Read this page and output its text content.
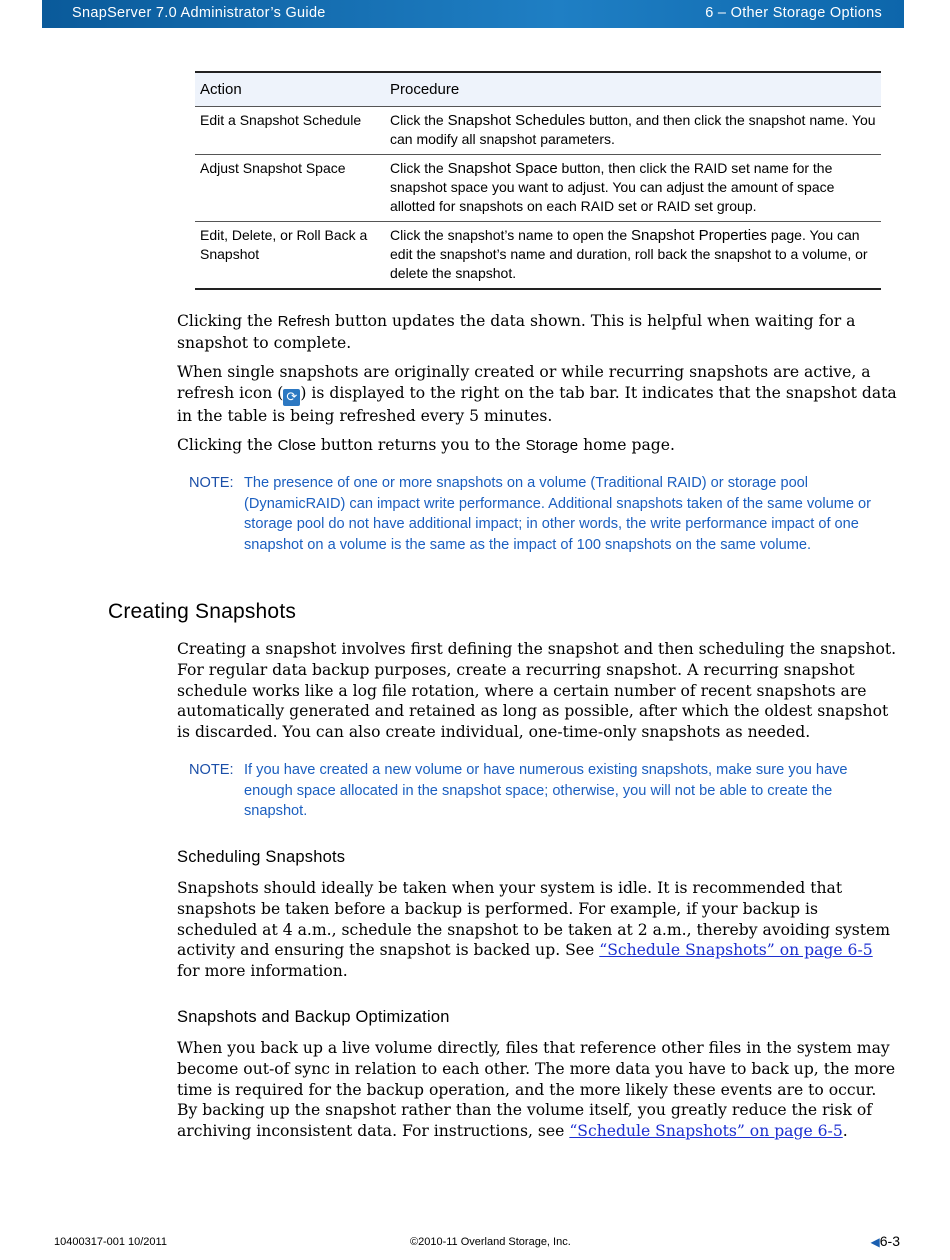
SnapServer 7.0 Administrator’s Guide	6 – Other Storage Options
Action	Procedure
Edit a Snapshot Schedule	Click the Snapshot Schedules button, and then click the snapshot name. You can modify all snapshot parameters.
Adjust Snapshot Space	Click the Snapshot Space button, then click the RAID set name for the snapshot space you want to adjust. You can adjust the amount of space allotted for snapshots on each RAID set or RAID set group.
Edit, Delete, or Roll Back a Snapshot	Click the snapshot’s name to open the Snapshot Properties page. You can edit the snapshot’s name and duration, roll back the snapshot to a volume, or delete the snapshot.

Clicking the Refresh button updates the data shown. This is helpful when waiting for a snapshot to complete.

When single snapshots are originally created or while recurring snapshots are active, a refresh icon ( ⟳ ) is displayed to the right on the tab bar. It indicates that the snapshot data in the table is being refreshed every 5 minutes.

Clicking the Close button returns you to the Storage home page.

NOTE: The presence of one or more snapshots on a volume (Traditional RAID) or storage pool (DynamicRAID) can impact write performance. Additional snapshots taken of the same volume or storage pool do not have additional impact; in other words, the write performance impact of one snapshot on a volume is the same as the impact of 100 snapshots on the same volume.
Creating Snapshots

Creating a snapshot involves first defining the snapshot and then scheduling the snapshot. For regular data backup purposes, create a recurring snapshot. A recurring snapshot schedule works like a log file rotation, where a certain number of recent snapshots are automatically generated and retained as long as possible, after which the oldest snapshot is discarded. You can also create individual, one-time-only snapshots as needed.

NOTE: If you have created a new volume or have numerous existing snapshots, make sure you have enough space allocated in the snapshot space; otherwise, you will not be able to create the snapshot.
Scheduling Snapshots

Snapshots should ideally be taken when your system is idle. It is recommended that snapshots be taken before a backup is performed. For example, if your backup is scheduled at 4 a.m., schedule the snapshot to be taken at 2 a.m., thereby avoiding system activity and ensuring the snapshot is backed up. See “Schedule Snapshots” on page 6-5 for more information.

Snapshots and Backup Optimization

When you back up a live volume directly, files that reference other files in the system may become out-of sync in relation to each other. The more data you have to back up, the more time is required for the backup operation, and the more likely these events are to occur. By backing up the snapshot rather than the volume itself, you greatly reduce the risk of archiving inconsistent data. For instructions, see “Schedule Snapshots” on page 6-5.

10400317-001 10/2011	©2010-11 Overland Storage, Inc.	◀6-3
